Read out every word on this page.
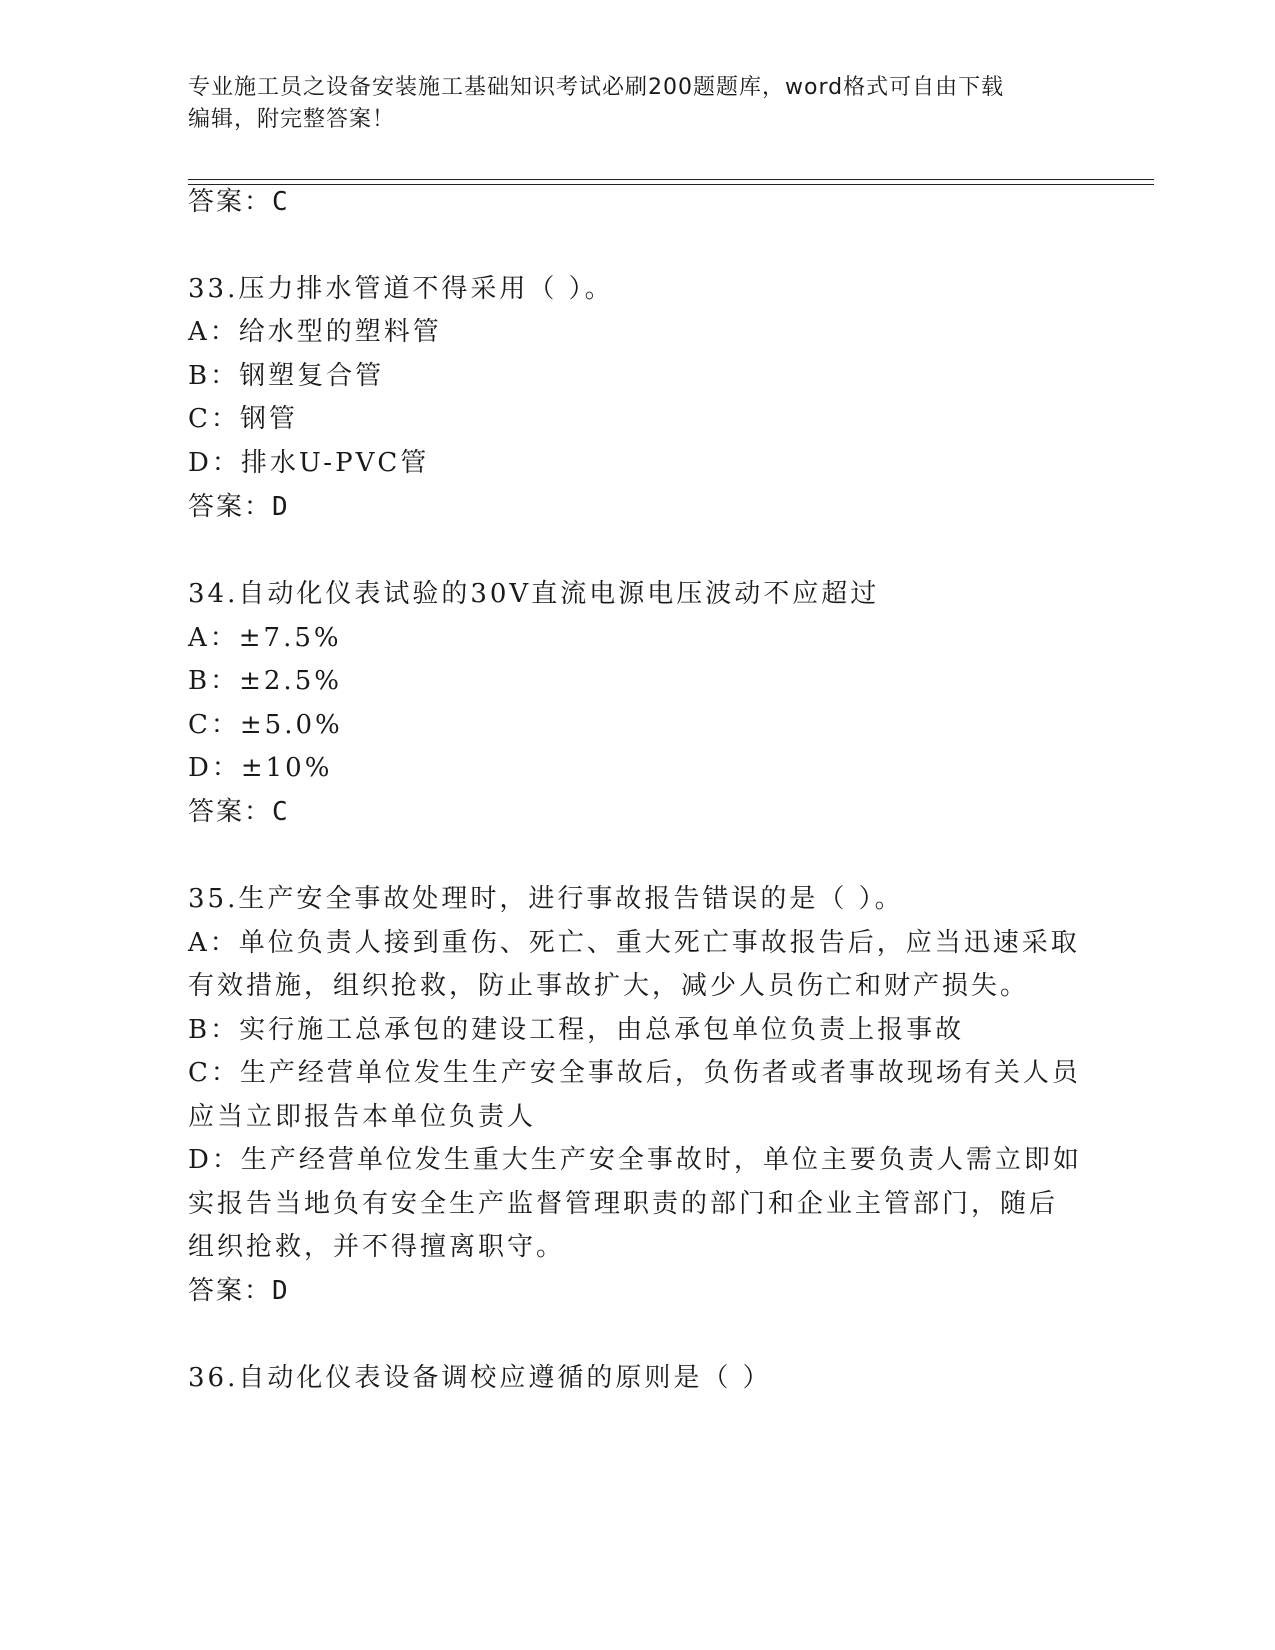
专业施工员之设备安装施工基础知识考试必刷200题题库，word格式可自由下载
编辑，附完整答案！
答案：C
33.压力排水管道不得采用（ ）。
A：给水型的塑料管
B：钢塑复合管
C：钢管
D：排水U-PVC管
答案：D
34.自动化仪表试验的30V直流电源电压波动不应超过
A：±7.5%
B：±2.5%
C：±5.0%
D：±10%
答案：C
35.生产安全事故处理时，进行事故报告错误的是（ ）。
A：单位负责人接到重伤、死亡、重大死亡事故报告后，应当迅速采取
有效措施，组织抢救，防止事故扩大，减少人员伤亡和财产损失。
B：实行施工总承包的建设工程，由总承包单位负责上报事故
C：生产经营单位发生生产安全事故后，负伤者或者事故现场有关人员
应当立即报告本单位负责人
D：生产经营单位发生重大生产安全事故时，单位主要负责人需立即如
实报告当地负有安全生产监督管理职责的部门和企业主管部门，随后
组织抢救，并不得擅离职守。
答案：D
36.自动化仪表设备调校应遵循的原则是（ ）
